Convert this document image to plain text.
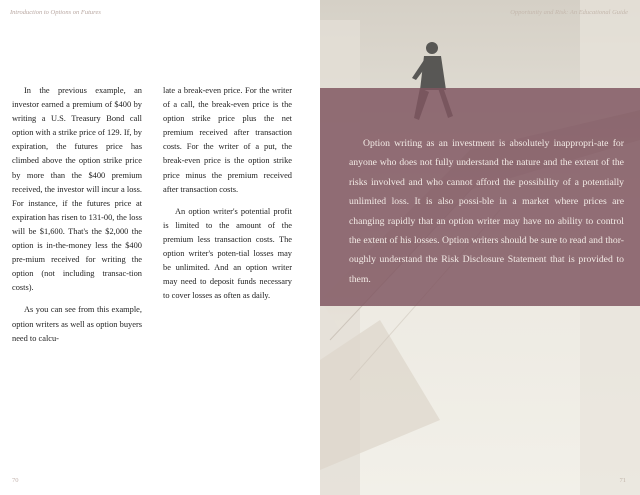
Introduction to Options on Futures

In the previous example, an investor earned a premium of $400 by writing a U.S. Treasury Bond call option with a strike price of 129. If, by expiration, the futures price has climbed above the option strike price by more than the $400 premium received, the investor will incur a loss. For instance, if the futures price at expiration has risen to 131-00, the loss will be $1,600. That's the $2,000 the option is in-the-money less the $400 pre-mium received for writing the option (not including transac-tion costs).

As you can see from this example, option writers as well as option buyers need to calcu-

late a break-even price. For the writer of a call, the break-even price is the option strike price plus the net premium received after transaction costs. For the writer of a put, the break-even price is the option strike price minus the premium received after transaction costs.

An option writer's potential profit is limited to the amount of the premium less transaction costs. The option writer's poten-tial losses may be unlimited. And an option writer may need to deposit funds necessary to cover losses as often as daily.

70
Opportunity and Risk: An Educational Guide
Option writing as an investment is absolutely inappropri-ate for anyone who does not fully understand the nature and the extent of the risks involved and who cannot afford the possibility of a potentially unlimited loss. It is also possi-ble in a market where prices are changing rapidly that an option writer may have no ability to control the extent of his losses. Option writers should be sure to read and thor-oughly understand the Risk Disclosure Statement that is provided to them.
71
